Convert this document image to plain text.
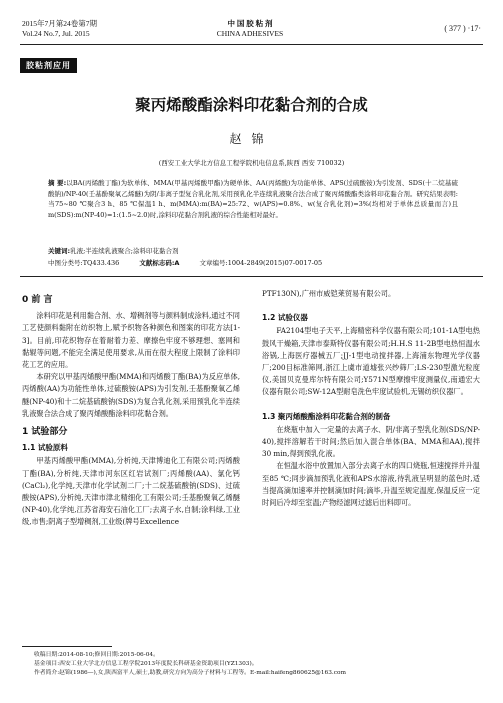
2015年7月第24卷第7期
Vol.24 No.7, Jul. 2015
中 国 胶 粘 剂
CHINA ADHESIVES
( 377 ) ·17·
胶粘剂应用
聚丙烯酸酯涂料印花黏合剂的合成
赵锦
(西安工业大学北方信息工程学院机电信息系,陕西 西安 710032)
摘 要:以BA(丙烯酸丁酯)为软单体、MMA(甲基丙烯酸甲酯)为硬单体、AA(丙烯酸)为功能单体、APS(过硫酸铵)为引发剂、SDS(十二烷基硫酸钠)/NP-40(壬基酚聚氧乙烯醚)为阴/非离子型复合乳化剂,采用预乳化半连续乳液聚合法合成了聚丙烯酸酯类涂料印花黏合剂。研究结果表明:当75~80 ℃聚合3 h、85 ℃保温1 h、m(MMA):m(BA)=25:72、w(APS)=0.8%、w(复合乳化剂)=3%(均相对于单体总质量而言)且m(SDS):m(NP-40)=1:(1.5~2.0)时,涂料印花黏合剂乳液的综合性能相对最好。
关键词:乳液;半连续乳液聚合;涂料印花黏合剂
中图分类号:TQ433.436	文献标志码:A	文章编号:1004-2849(2015)07-0017-05
0 前 言

涂料印花是利用黏合剂、水、增稠剂等与颜料制成涂料,通过不同工艺使颜料黏附在纺织物上,赋予织物各种颜色和图案的印花方法[1-3]。目前,印花织物存在着耐着力差、摩擦色牢度不够理想、塞网和黏辊等问题,不能完全满足使用要求,从而在很大程度上限制了涂料印花工艺的应用。

本研究以甲基丙烯酸甲酯(MMA)和丙烯酸丁酯(BA)为反应单体,丙烯酸(AA)为功能性单体,过硫酸铵(APS)为引发剂,壬基酚聚氧乙烯醚(NP-40)和十二烷基硫酸钠(SDS)为复合乳化剂,采用预乳化半连续乳液聚合法合成了聚丙烯酸酯涂料印花黏合剂。

1 试验部分
1.1 试验原料

甲基丙烯酸甲酯(MMA),分析纯,天津博迪化工有限公司;丙烯酸丁酯(BA),分析纯,天津市河东区红岩试剂厂;丙烯酸(AA)、氯化钙(CaCl₂),化学纯,天津市化学试剂二厂;十二烷基硫酸钠(SDS)、过硫酸铵(APS),分析纯,天津市津北精细化工有限公司;壬基酚聚氧乙烯醚(NP-40),化学纯,江苏省海安石油化工厂;去离子水,自制;涂料绿,工业级,市售;阴离子型增稠剂,工业级(牌号Excellence

PTF130N),广州市威铠莱贸易有限公司。

1.2 试验仪器

FA2104型电子天平,上海精密科学仪器有限公司;101-1A型电热鼓风干燥箱,天津市泰斯特仪器有限公司;H.H.S 11-2B型电热恒温水浴锅,上海医疗器械五厂;JJ-1型电动搅拌器,上海浦东物理光学仪器厂;200目标准筛网,浙江上虞市道墟张兴纱筛厂;LS-230型激光粒度仪,美国贝克曼库尔特有限公司;Y571N型摩擦牢度测量仪,南通宏大仪器有限公司;SW-12A型耐皂洗色牢度试验机,无锡纺织仪器厂。

1.3 聚丙烯酸酯涂料印花黏合剂的制备

在烧瓶中加入一定量的去离子水、阴/非离子型乳化剂(SDS/NP-40),搅拌溶解若干时间;然后加入混合单体(BA、MMA和AA),搅拌30 min,得到预乳化液。

在恒温水浴中放置加入部分去离子水的四口烧瓶,恒速搅拌并升温至85 ℃;同步滴加预乳化液和APS水溶液,待乳液呈明显的蓝色时,适当提高滴加速率并控制滴加时间;滴毕,升温至规定温度,保温反应一定时间后冷却至室温;产物经滤网过滤后出料即可。

收稿日期:2014-08-10;修回日期:2015-06-04。
基金项目:西安工业大学北方信息工程学院2013年度院长科研基金资助项目(YZ1303)。
作者简介:赵锦(1986—),女,陕西富平人,硕士,助教,研究方向为高分子材料与工程等。E-mail:haifeng860625@163.com
